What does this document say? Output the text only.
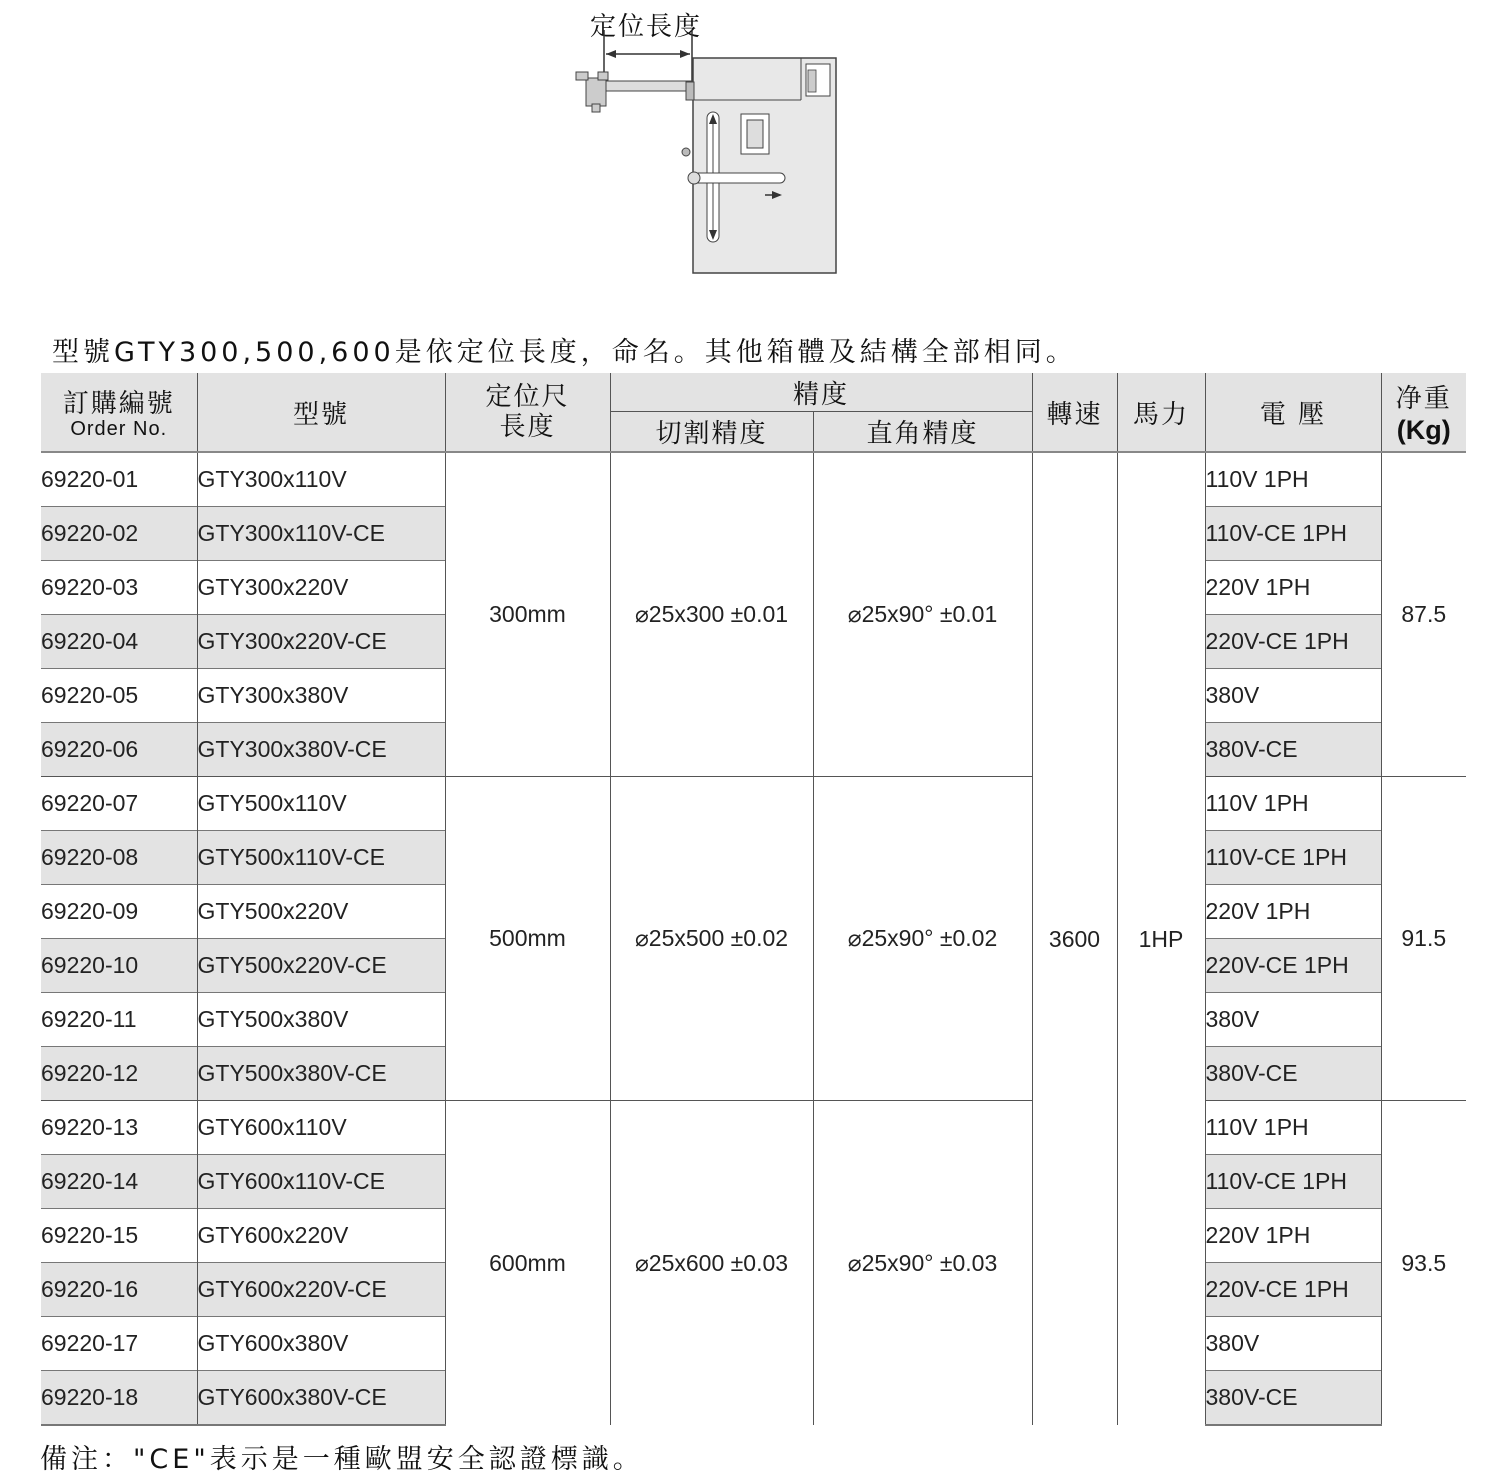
定位長度
型號GTY300,500,600是依定位長度，命名。其他箱體及結構全部相同。
訂購編號
Order No.	型號	定位尺
長度	精度		轉速	馬力	電 壓	净重
(Kg)

			切割精度	直角精度				
69220-01	GTY300x110V	300mm	⌀25x300 ±0.01	⌀25x90° ±0.01	3600	1HP	110V 1PH	87.5
69220-02	GTY300x110V-CE						110V-CE 1PH	
69220-03	GTY300x220V						220V 1PH	
69220-04	GTY300x220V-CE						220V-CE 1PH	
69220-05	GTY300x380V						380V	
69220-06	GTY300x380V-CE						380V-CE	
69220-07	GTY500x110V	500mm	⌀25x500 ±0.02	⌀25x90° ±0.02			110V 1PH	91.5
69220-08	GTY500x110V-CE						110V-CE 1PH	
69220-09	GTY500x220V						220V 1PH	
69220-10	GTY500x220V-CE						220V-CE 1PH	
69220-11	GTY500x380V						380V	
69220-12	GTY500x380V-CE						380V-CE	
69220-13	GTY600x110V	600mm	⌀25x600 ±0.03	⌀25x90° ±0.03			110V 1PH	93.5
69220-14	GTY600x110V-CE						110V-CE 1PH	
69220-15	GTY600x220V						220V 1PH	
69220-16	GTY600x220V-CE						220V-CE 1PH	
69220-17	GTY600x380V						380V	
69220-18	GTY600x380V-CE						380V-CE	
備注："CE"表示是一種歐盟安全認證標識。
